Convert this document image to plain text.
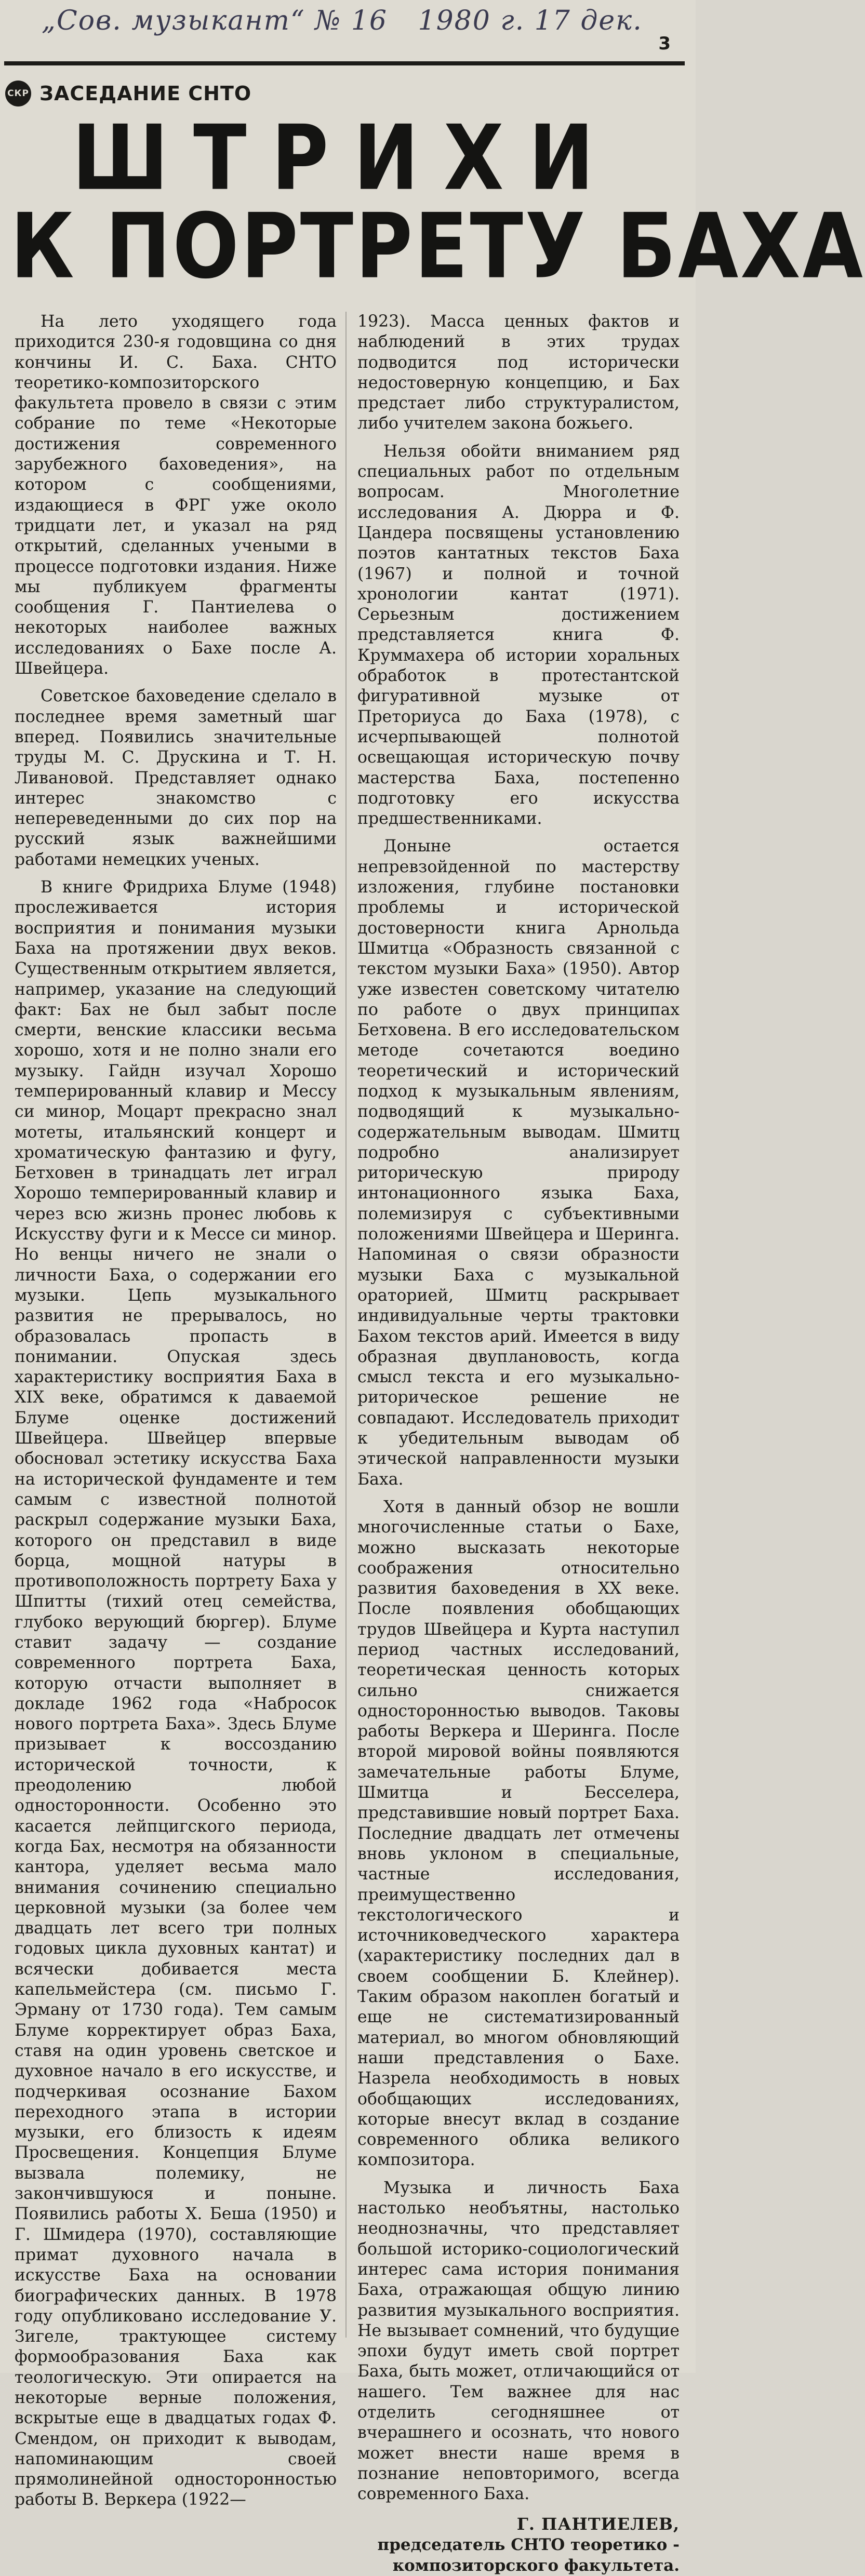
„Сов. музыкант“ № 16 1980 г. 17 дек.
3
СКР ЗАСЕДАНИЕ СНТО
ШТРИХИ
К ПОРТРЕТУ БАХА

На лето уходящего года приходится 230-я годовщина со дня кончины И. С. Баха. СНТО теоретико-композиторского факультета провело в связи с этим собрание по теме «Некоторые достижения современного зарубежного баховедения», на котором с сообщениями, издающиеся в ФРГ уже около тридцати лет, и указал на ряд открытий, сделанных учеными в процессе подготовки издания. Ниже мы публикуем фрагменты сообщения Г. Пантиелева о некоторых наиболее важных исследованиях о Бахе после А. Швейцера.

Советское баховедение сделало в последнее время заметный шаг вперед. Появились значительные труды М. С. Друскина и Т. Н. Ливановой. Представляет однако интерес знакомство с непереведенными до сих пор на русский язык важнейшими работами немецких ученых.

В книге Фридриха Блуме (1948) прослеживается история восприятия и понимания музыки Баха на протяжении двух веков. Существенным открытием является, например, указание на следующий факт: Бах не был забыт после смерти, венские классики весьма хорошо, хотя и не полно знали его музыку. Гайдн изучал Хорошо темперированный клавир и Мессу си минор, Моцарт прекрасно знал мотеты, итальянский концерт и хроматическую фантазию и фугу, Бетховен в тринадцать лет играл Хорошо темперированный клавир и через всю жизнь пронес любовь к Искусству фуги и к Мессе си минор. Но венцы ничего не знали о личности Баха, о содержании его музыки. Цепь музыкального развития не прерывалось, но образовалась пропасть в понимании. Опуская здесь характеристику восприятия Баха в XIX веке, обратимся к даваемой Блуме оценке достижений Швейцера. Швейцер впервые обосновал эстетику искусства Баха на исторической фундаменте и тем самым с известной полнотой раскрыл содержание музыки Баха, которого он представил в виде борца, мощной натуры в противоположность портрету Баха у Шпитты (тихий отец семейства, глубоко верующий бюргер). Блуме ставит задачу — создание современного портрета Баха, которую отчасти выполняет в докладе 1962 года «Набросок нового портрета Баха». Здесь Блуме призывает к воссозданию исторической точности, к преодолению любой односторонности. Особенно это касается лейпцигского периода, когда Бах, несмотря на обязанности кантора, уделяет весьма мало внимания сочинению специально церковной музыки (за более чем двадцать лет всего три полных годовых цикла духовных кантат) и всячески добивается места капельмейстера (см. письмо Г. Эрману от 1730 года). Тем самым Блуме корректирует образ Баха, ставя на один уровень светское и духовное начало в его искусстве, и подчеркивая осознание Бахом переходного этапа в истории музыки, его близость к идеям Просвещения. Концепция Блуме вызвала полемику, не закончившуюся и поныне. Появились работы Х. Беша (1950) и Г. Шмидера (1970), составляющие примат духовного начала в искусстве Баха на основании биографических данных. В 1978 году опубликовано исследование У. Зигеле, трактующее систему формообразования Баха как теологическую. Эти опирается на некоторые верные положения, вскрытые еще в двадцатых годах Ф. Смендом, он приходит к выводам, напоминающим своей прямолинейной односторонностью работы В. Веркера (1922—

1923). Масса ценных фактов и наблюдений в этих трудах подводится под исторически недостоверную концепцию, и Бах предстает либо структуралистом, либо учителем закона божьего.

Нельзя обойти вниманием ряд специальных работ по отдельным вопросам. Многолетние исследования А. Дюрра и Ф. Цандера посвящены установлению поэтов кантатных текстов Баха (1967) и полной и точной хронологии кантат (1971). Серьезным достижением представляется книга Ф. Круммахера об истории хоральных обработок в протестантской фигуративной музыке от Преториуса до Баха (1978), с исчерпывающей полнотой освещающая историческую почву мастерства Баха, постепенно подготовку его искусства предшественниками.

Доныне остается непревзойденной по мастерству изложения, глубине постановки проблемы и исторической достоверности книга Арнольда Шмитца «Образность связанной с текстом музыки Баха» (1950). Автор уже известен советскому читателю по работе о двух принципах Бетховена. В его исследовательском методе сочетаются воедино теоретический и исторический подход к музыкальным явлениям, подводящий к музыкально-содержательным выводам. Шмитц подробно анализирует риторическую природу интонационного языка Баха, полемизируя с субъективными положениями Швейцера и Шеринга. Напоминая о связи образности музыки Баха с музыкальной ораторией, Шмитц раскрывает индивидуальные черты трактовки Бахом текстов арий. Имеется в виду образная двуплановость, когда смысл текста и его музыкально-риторическое решение не совпадают. Исследователь приходит к убедительным выводам об этической направленности музыки Баха.

Хотя в данный обзор не вошли многочисленные статьи о Бахе, можно высказать некоторые соображения относительно развития баховедения в XX веке. После появления обобщающих трудов Швейцера и Курта наступил период частных исследований, теоретическая ценность которых сильно снижается односторонностью выводов. Таковы работы Веркера и Шеринга. После второй мировой войны появляются замечательные работы Блуме, Шмитца и Бесселера, представившие новый портрет Баха. Последние двадцать лет отмечены вновь уклоном в специальные, частные исследования, преимущественно текстологического и источниковедческого характера (характеристику последних дал в своем сообщении Б. Клейнер). Таким образом накоплен богатый и еще не систематизированный материал, во многом обновляющий наши представления о Бахе. Назрела необходимость в новых обобщающих исследованиях, которые внесут вклад в создание современного облика великого композитора.

Музыка и личность Баха настолько необъятны, настолько неоднозначны, что представляет большой историко-социологический интерес сама история понимания Баха, отражающая общую линию развития музыкального восприятия. Не вызывает сомнений, что будущие эпохи будут иметь свой портрет Баха, быть может, отличающийся от нашего. Тем важнее для нас отделить сегодняшнее от вчерашнего и осознать, что нового может внести наше время в познание неповторимого, всегда современного Баха.

Г. ПАНТИЕЛЕВ,
председатель СНТО теоретико - композиторского факультета.
